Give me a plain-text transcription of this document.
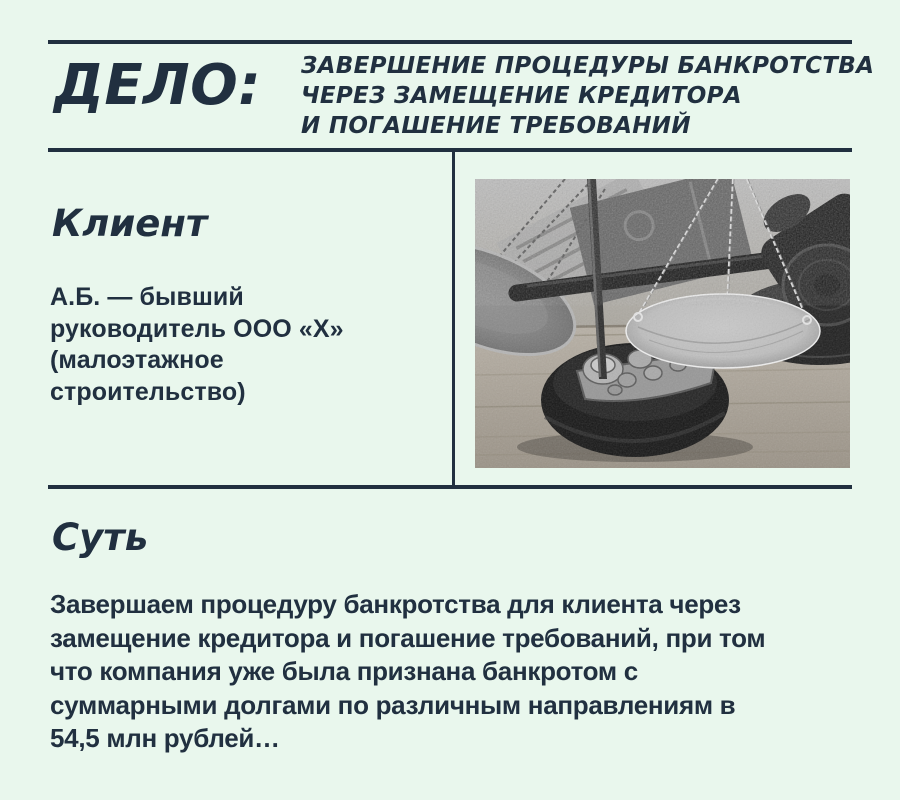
ДЕЛО: ЗАВЕРШЕНИЕ ПРОЦЕДУРЫ БАНКРОТСТВА
ЧЕРЕЗ ЗАМЕЩЕНИЕ КРЕДИТОРА
И ПОГАШЕНИЕ ТРЕБОВАНИЙ
Клиент
А.Б. — бывший руководитель ООО «Х» (малоэтажное строительство)
Суть
Завершаем процедуру банкротства для клиента через замещение кредитора и погашение требований, при том что компания уже была признана банкротом с суммарными долгами по различным направлениям в 54,5 млн рублей…
